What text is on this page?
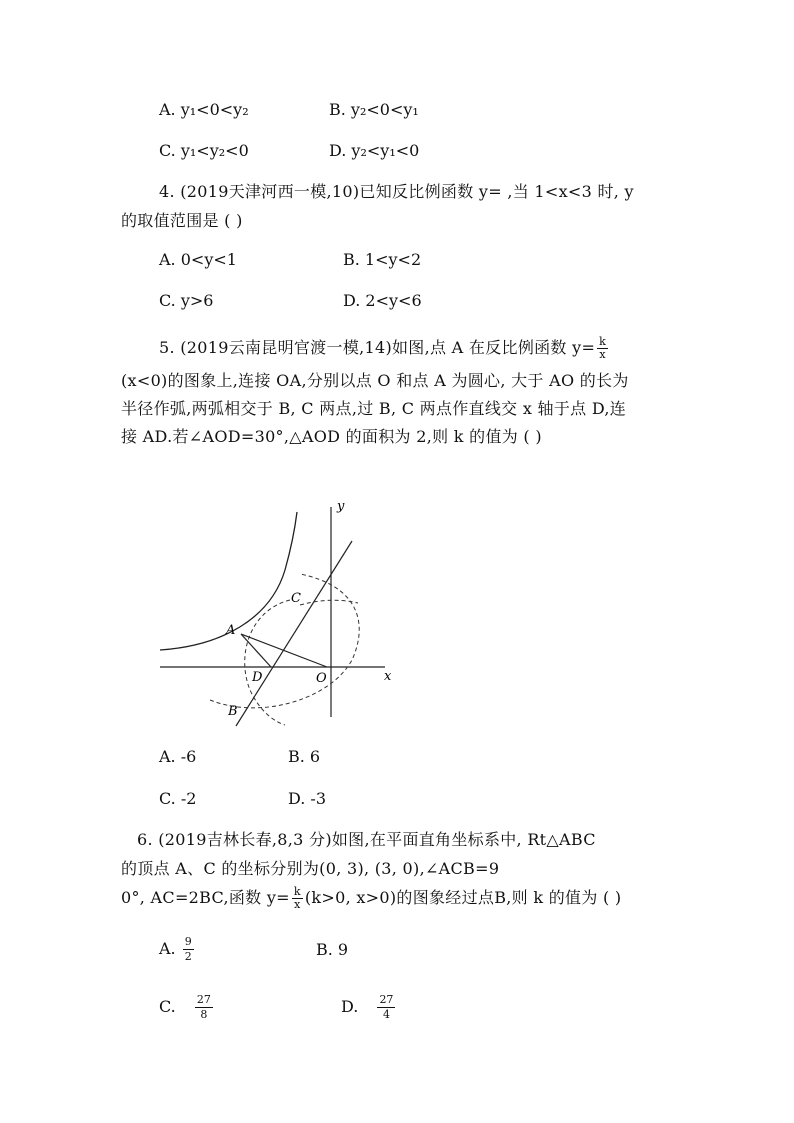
A. y₁<0<y₂	B. y₂<0<y₁
C. y₁<y₂<0	D. y₂<y₁<0
4. (2019天津河西一模,10)已知反比例函数 y= ,当 1<x<3 时, y
的取值范围是 ( )
A. 0<y<1	B. 1<y<2
C. y>6	D. 2<y<6
5. (2019云南昆明官渡一模,14)如图,点 A 在反比例函数 $y= \frac{k}{x}$
(x<0)的图象上,连接 OA,分别以点 O 和点 A 为圆心, 大于 AO 的长为
半径作弧,两弧相交于 B, C 两点,过 B, C 两点作直线交 x 轴于点 D,连
接 AD.若∠AOD=30°,△AOD 的面积为 2,则 k 的值为 ( )
y
x
A
B
C
D	O
A. -6	B. 6
C. -2	D. -3
6. (2019吉林长春,8,3 分)如图,在平面直角坐标系中, Rt△ABC
的顶点 A、C 的坐标分别为(0, 3), (3, 0),∠ACB=9
0°, AC=2BC,函数 $y= \frac{k}{x} (k>0$, x>0)的图象经过点B,则 k 的值为 ( )
A. $\frac{9}{2}$	B. 9
C. $\frac{27}{8}$	D. $\frac{27}{4}$
